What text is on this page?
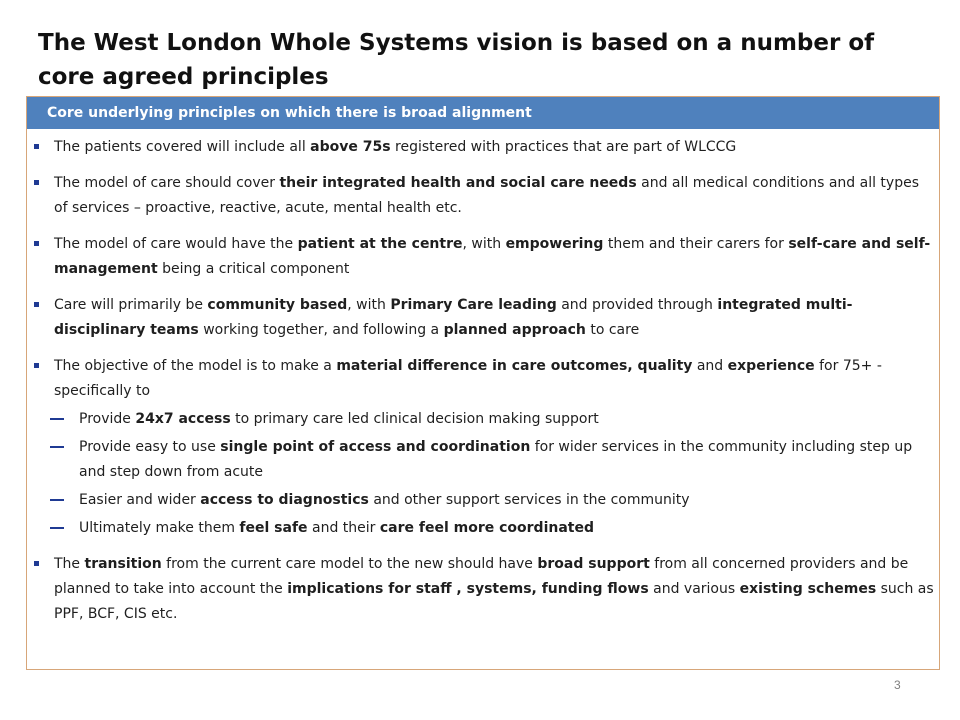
The West London Whole Systems vision is based on a number of core agreed principles
Core underlying principles on which there is broad alignment
The patients covered will include all above 75s registered with practices that are part of WLCCG
The model of care should cover their integrated health and social care needs and all medical conditions and all types of services – proactive, reactive, acute, mental health etc.
The model of care would have the patient at the centre, with empowering them and their carers for self-care and self-management being a critical component
Care will primarily be community based, with Primary Care leading and provided through integrated multi-disciplinary teams working together, and following a planned approach to care
The objective of the model is to make a material difference in care outcomes, quality and experience for 75+ - specifically to
Provide 24x7 access to primary care led clinical decision making support
Provide easy to use single point of access and coordination for wider services in the community including step up and step down from acute
Easier and wider access to diagnostics and other support services in the community
Ultimately make them feel safe and their care feel more coordinated
The transition from the current care model to the new should have broad support from all concerned providers and be planned to take into account the implications for staff , systems, funding flows and various existing schemes such as PPF, BCF, CIS etc.
3
